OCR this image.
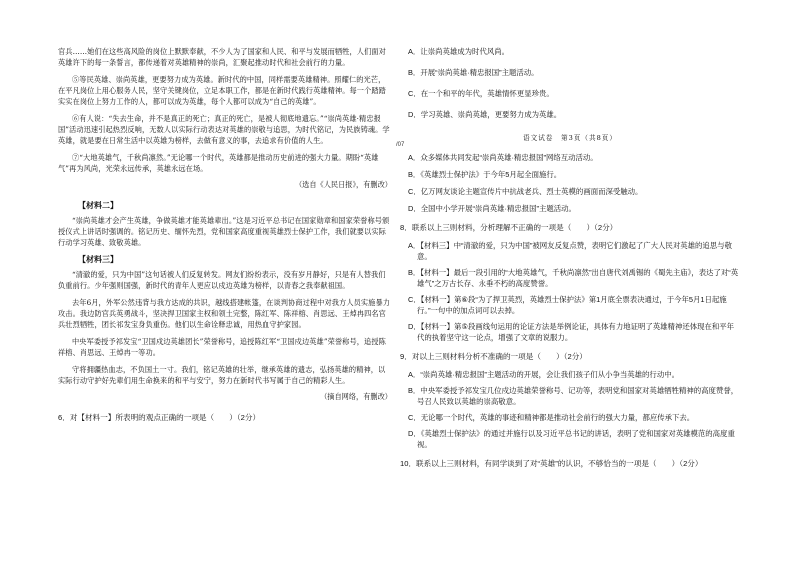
官兵……她们在这些高风险的岗位上默默奉献，不少人为了国家和人民、和平与发展而牺牲，人们面对英雄许下的每一条誓言，都传递着对英雄精神的崇尚，汇聚起推动时代和社会前行的力量。

⑤等民英雄、崇尚英雄，更要努力成为英雄。新时代的中国，同样需要英雄精神。照耀仁的光芒，在平凡岗位上用心服务人民，坚守关键岗位，立足本职工作，都是在新时代践行英雄精神。每一个踏踏实实在岗位上努力工作的人，都可以成为英雄，每个人都可以成为“自己的英雄”。

⑥有人说：“失去生命，并不是真正的死亡；真正的死亡，是被人彻底地遗忘。”“崇尚英雄·精忠报国”活动迅速引起热烈反响，无数人以实际行动表达对英雄的崇敬与追思，为时代铭记，为民族铸魂。学英雄，就是要在日常生活中以英雄为榜样，去做有意义的事，去追求有价值的人生。

⑦“大地英雄气，千秋尚凛然。”无论哪一个时代，英雄都是推动历史前进的强大力量。期盼“英雄气”再为风尚，光荣永远传承，英雄永远在场。

（选自《人民日报》，有删改）
【材料二】

“崇尚英雄才会产生英雄，争做英雄才能英雄辈出。”这是习近平总书记在国家勋章和国家荣誉称号颁授仪式上讲话时强调的。铭记历史、缅怀先烈，党和国家高度重视英雄烈士保护工作，我们就要以实际行动学习英雄、致敬英雄。

【材料三】

“清澈的爱，只为中国”这句话被人们反复转发。网友们纷纷表示，没有岁月静好，只是有人替我们负重前行。少年强则国强，新时代的青年人更应以戍边英雄为榜样，以青春之我奉献祖国。

去年6月，外军公然违背与我方达成的共识，越线搭建帐篷，在谈判协商过程中对我方人员实施暴力攻击。我边防官兵英勇战斗，坚决捍卫国家主权和领土完整，陈红军、陈祥榕、肖思远、王焯冉四名官兵壮烈牺牲，团长祁发宝身负重伤。他们以生命诠释忠诚，用热血守护家园。

中央军委授予祁发宝“卫国戍边英雄团长”荣誉称号，追授陈红军“卫国戍边英雄”荣誉称号，追授陈祥榕、肖思远、王焯冉一等功。

守将拥疆热血志，不负国土一寸。我们，铭记英雄的壮举，继承英雄的遗志，弘扬英雄的精神，以实际行动守护好先辈们用生命换来的和平与安宁，努力在新时代书写属于自己的精彩人生。

（摘自网络，有删改）

6．对【材料一】所表明的观点正确的一项是（　　）（2分）

A．让崇尚英雄成为时代风尚。

B．开展“崇尚英雄·精忠报国”主题活动。

C．在一个和平的年代，英雄情怀更显珍贵。

D．学习英雄、崇尚英雄，更要努力成为英雄。

语文试卷　第3页（共8页）

/07

A．众多媒体共同发起“崇尚英雄·精忠报国”网络互动活动。

B．《英雄烈士保护法》于今年5月起全面施行。

C．亿万网友谈论主题宣传片中抗战老兵、烈士英模的画面而深受触动。

D．全国中小学开展“崇尚英雄·精忠报国”主题活动。

8．联系以上三则材料，分析理解不正确的一项是（　　）（2分）

A．【材料三】中“清澈的爱，只为中国”被网友反复点赞，表明它们激起了广大人民对英雄的追思与敬意。

B．【材料一】最后一段引用的“大地英雄气，千秋尚凛然”出自唐代刘禹锡的《蜀先主庙》，表达了对“英雄气”之万古长存、永垂不朽的高度赞誉。

C．【材料一】第⑥段“为了捍卫英烈，英雄烈士保护法》第1月底全票表决通过，于今年5月1日起施行。”一句中的加点词可以去掉。

D．【材料一】第⑤段画线句运用的论证方法是举例论证，具体有力地证明了英雄精神还体现在和平年代的执着坚守这一论点，增强了文章的说服力。

9．对以上三则材料分析不准确的一项是（　　）（2分）

A．“崇尚英雄·精忠报国”主题活动的开展，会让我们孩子们从小争当英雄的行动中。

B．中央军委授予祁发宝几位戍边英雄荣誉称号、记功等，表明党和国家对英雄牺牲精神的高度赞誉，号召人民致以英雄的崇高敬意。

C．无论哪一个时代，英雄的事迹和精神都是推动社会前行的强大力量，都应传承下去。

D．《英雄烈士保护法》的通过并施行以及习近平总书记的讲话，表明了党和国家对英雄模范的高度重视。

10．联系以上三则材料，有同学谈到了对“英雄”的认识，不够恰当的一项是（　　）（2分）
